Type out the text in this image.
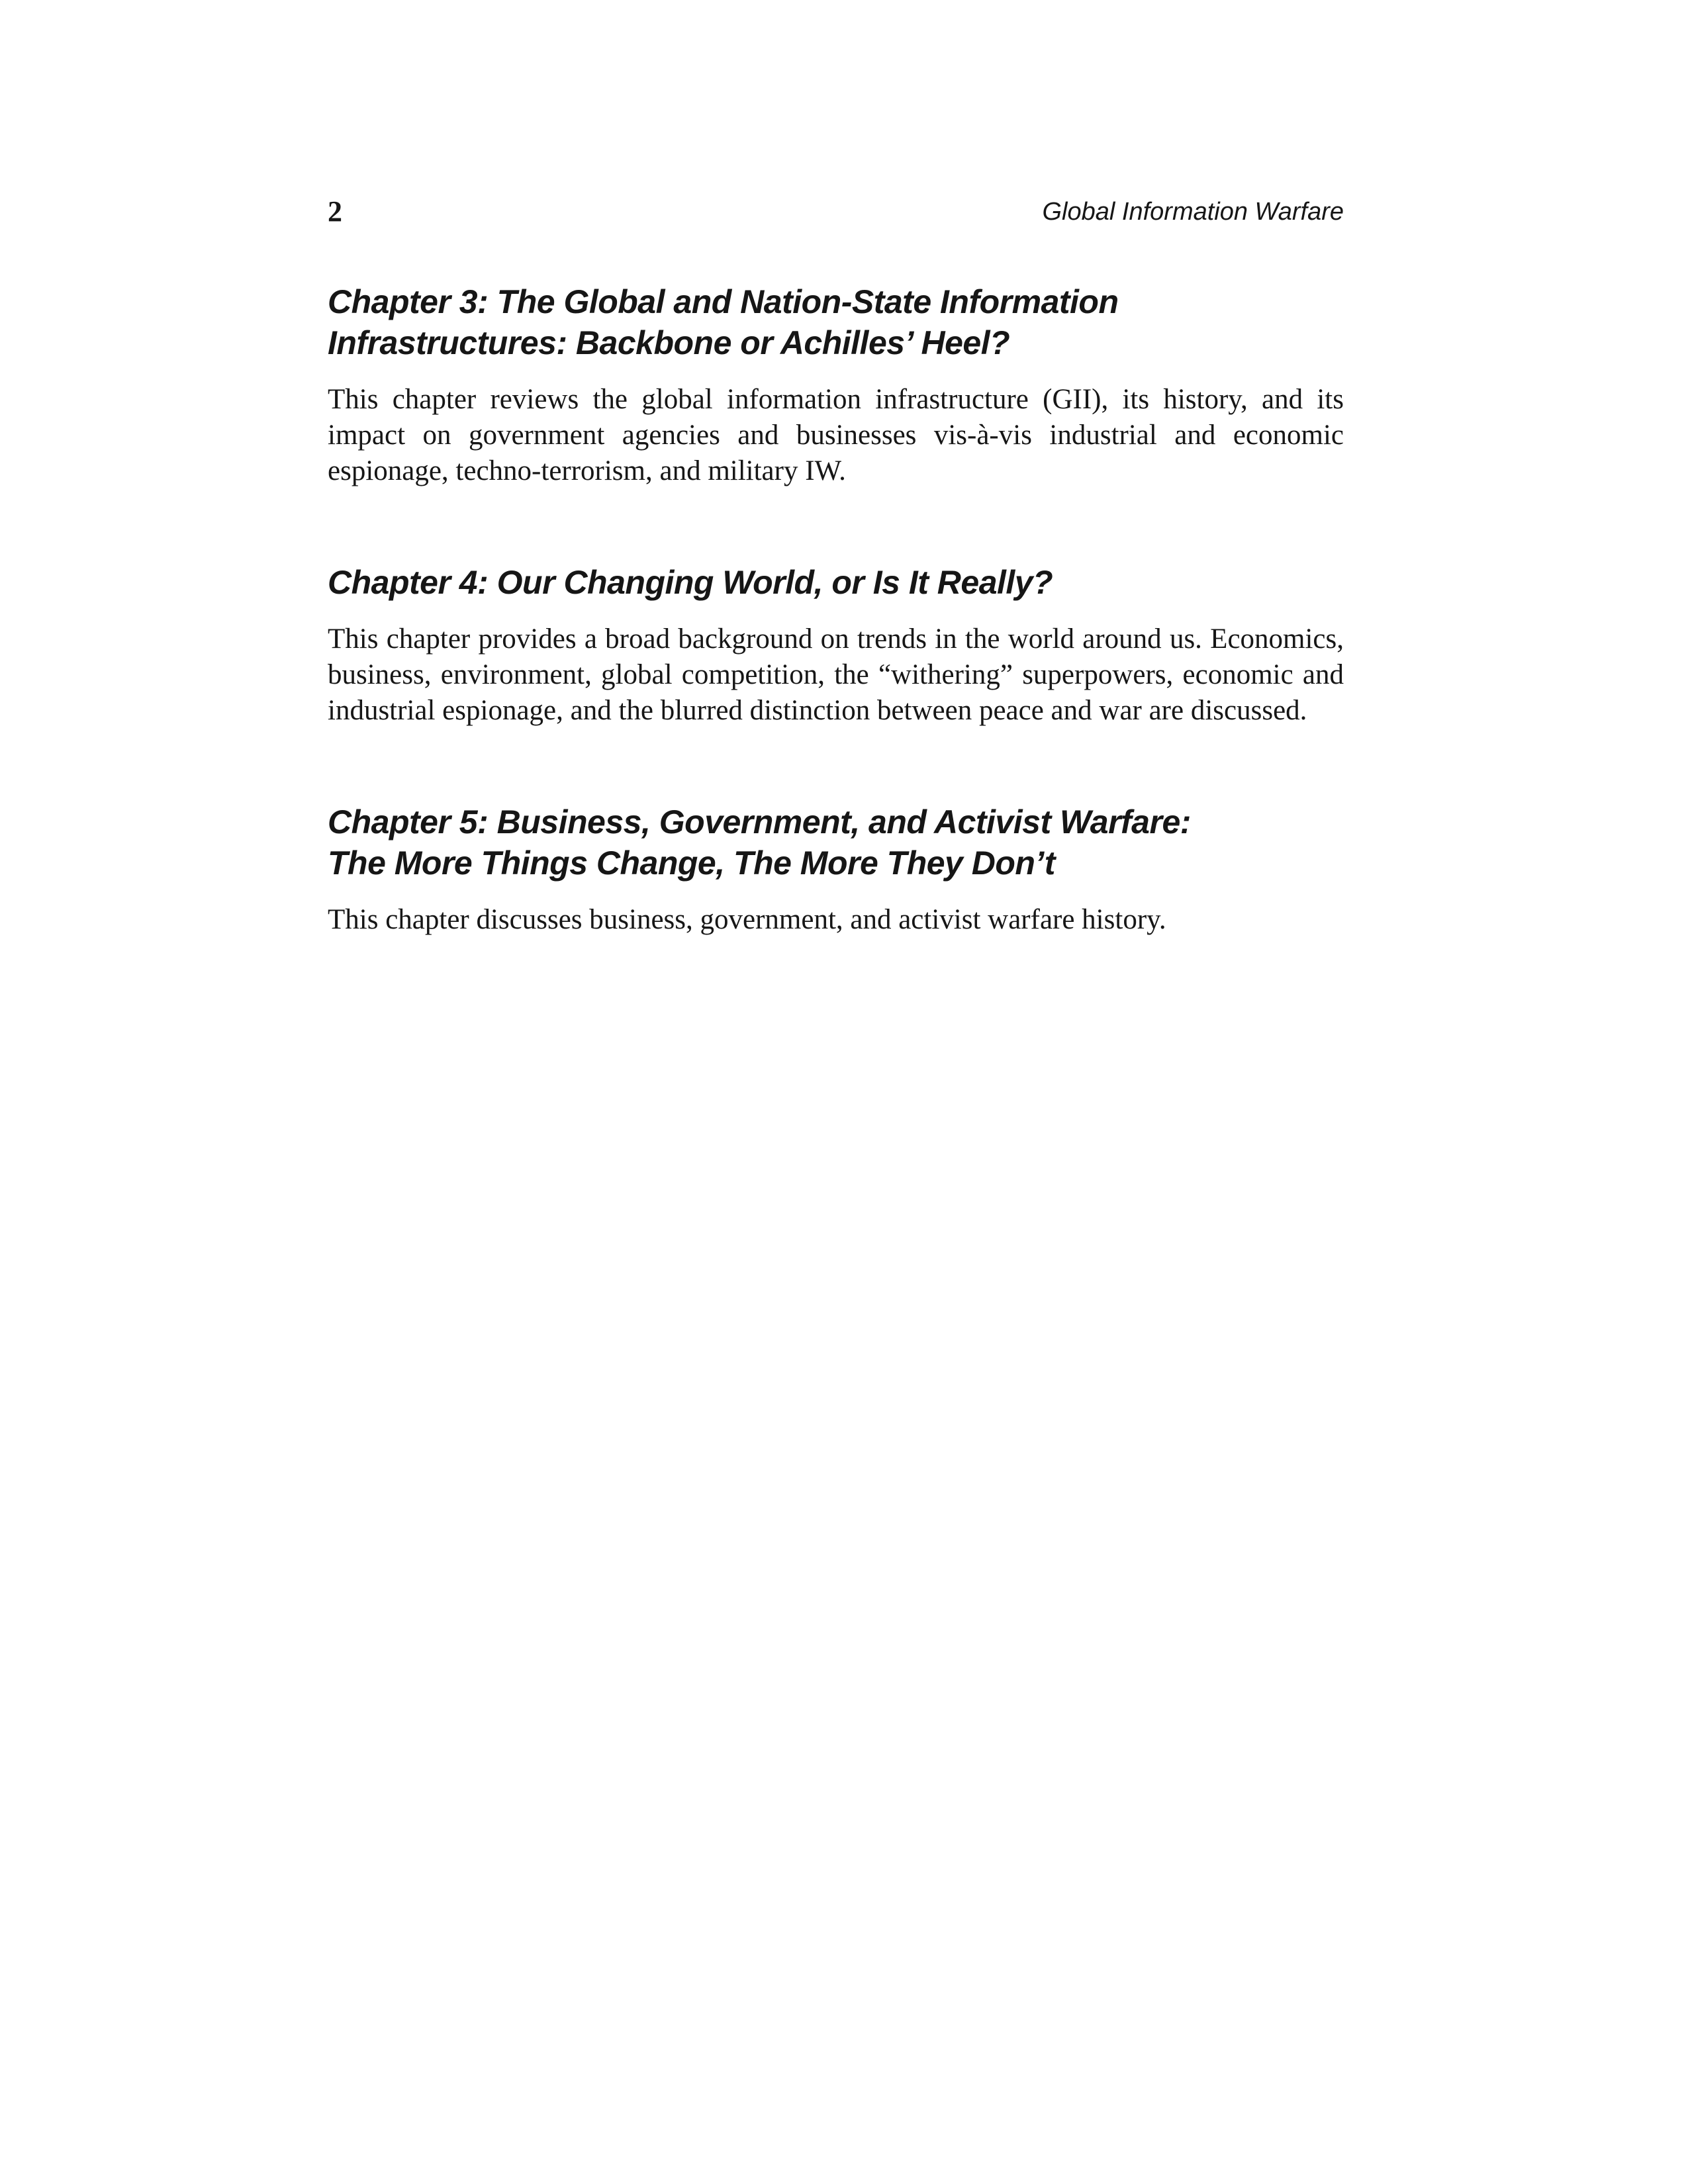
2	Global Information Warfare
Chapter 3: The Global and Nation-State Information
Infrastructures: Backbone or Achilles’ Heel?

This chapter reviews the global information infrastructure (GII), its history, and its impact on government agencies and businesses vis-à-vis industrial and economic espionage, techno-terrorism, and military IW.

Chapter 4: Our Changing World, or Is It Really?

This chapter provides a broad background on trends in the world around us. Economics, business, environment, global competition, the “withering” superpowers, economic and industrial espionage, and the blurred distinction between peace and war are discussed.

Chapter 5: Business, Government, and Activist Warfare:
The More Things Change, The More They Don’t

This chapter discusses business, government, and activist warfare history.
